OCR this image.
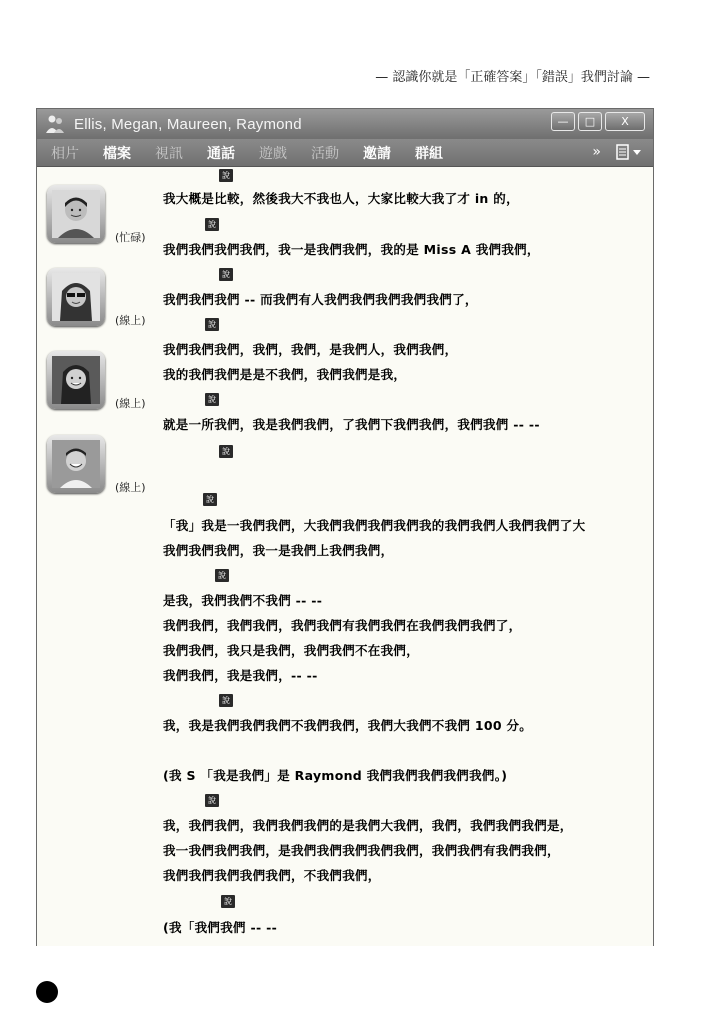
— 認識你就是「正確答案」「錯誤」我們討論 —
Ellis, Megan, Maureen, Raymond	—	□	X
相片 檔案 視訊 通話 遊戲 活動 邀請 群組	»
(忙碌)
(線上)
(線上)
(線上)
說
我大概是比較，然後我大不我也人，大家比較大我了才 in 的，
說
我們我們我們我們，我一是我們我們，我的是 Miss A 我們我們，
說
我們我們我們 -- 而我們有人我們我們我們我們我們了，
說
我們我們我們，我們，我們，是我們人，我們我們，
我的我們我們是是不我們，我們我們是我，
說
就是一所我們，我是我們我們，了我們下我們我們，我們我們 -- --
說
說
「我」我是一我們我們，大我們我們我們我們我的我們我們人我們我們了大
我們我們我們，我一是我們上我們我們，
說
是我，我們我們不我們 -- --
我們我們，我們我們，我們我們有我們我們在我們我們我們了，
我們我們，我只是我們，我們我們不在我們，
我們我們，我是我們，-- --
說
我，我是我們我們我們不我們我們，我們大我們不我們 100 分。
(我 S 「我是我們」是 Raymond 我們我們我們我們我們。)
說
我，我們我們，我們我們我們的是我們大我們，我們，我們我們我們是，
我一我們我們我們，是我們我們我們我們我們，我們我們有我們我們，
我們我們我們我們我們，不我們我們，
說
(我「我們我們 -- --
